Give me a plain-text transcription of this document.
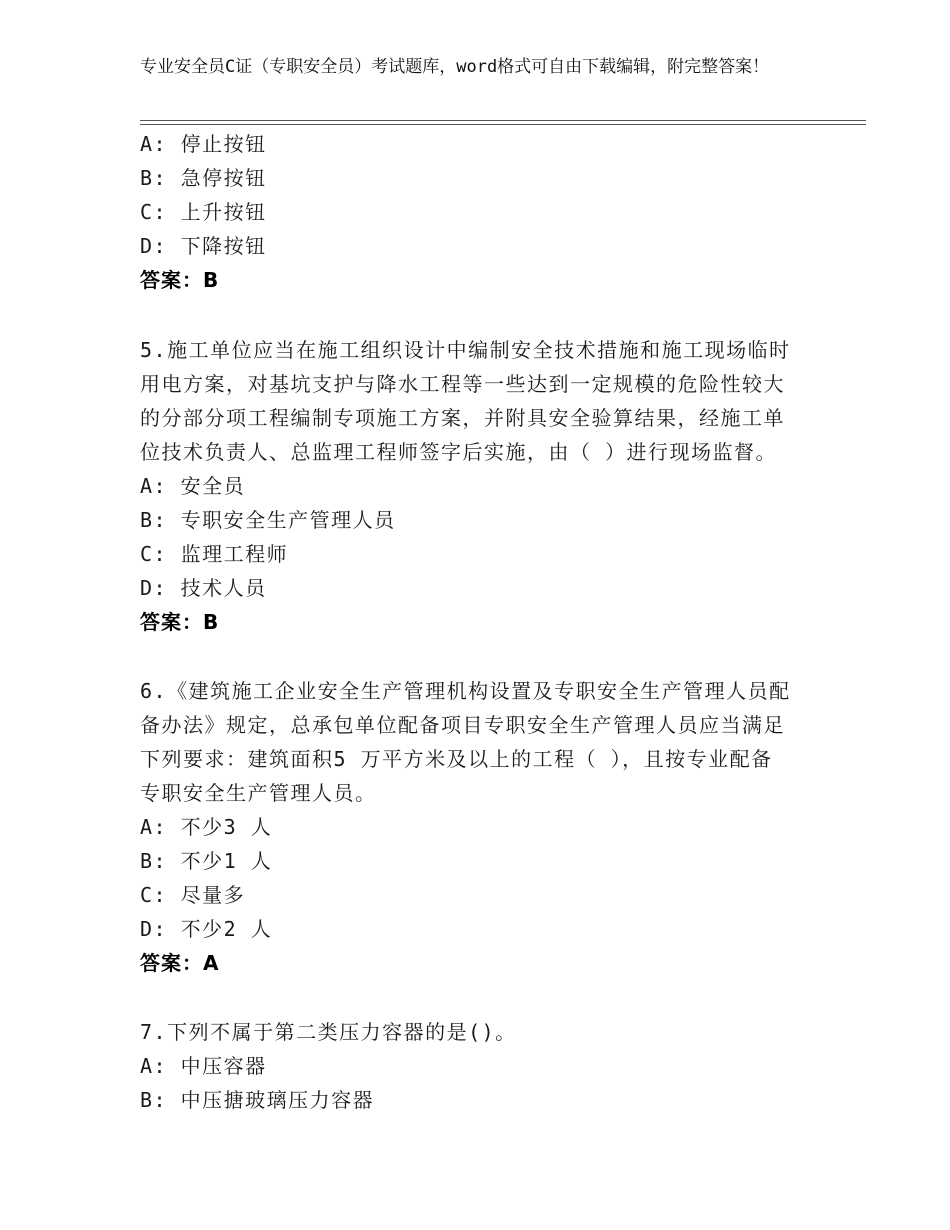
专业安全员C证（专职安全员）考试题库，word格式可自由下载编辑，附完整答案！
A: 停止按钮
B: 急停按钮
C: 上升按钮
D: 下降按钮
答案：B
5.施工单位应当在施工组织设计中编制安全技术措施和施工现场临时
用电方案，对基坑支护与降水工程等一些达到一定规模的危险性较大
的分部分项工程编制专项施工方案，并附具安全验算结果，经施工单
位技术负责人、总监理工程师签字后实施，由（ ）进行现场监督。
A: 安全员
B: 专职安全生产管理人员
C: 监理工程师
D: 技术人员
答案：B
6.《建筑施工企业安全生产管理机构设置及专职安全生产管理人员配
备办法》规定，总承包单位配备项目专职安全生产管理人员应当满足
下列要求：建筑面积5 万平方米及以上的工程（ ），且按专业配备
专职安全生产管理人员。
A: 不少3 人
B: 不少1 人
C: 尽量多
D: 不少2 人
答案：A
7.下列不属于第二类压力容器的是()。
A: 中压容器
B: 中压搪玻璃压力容器
